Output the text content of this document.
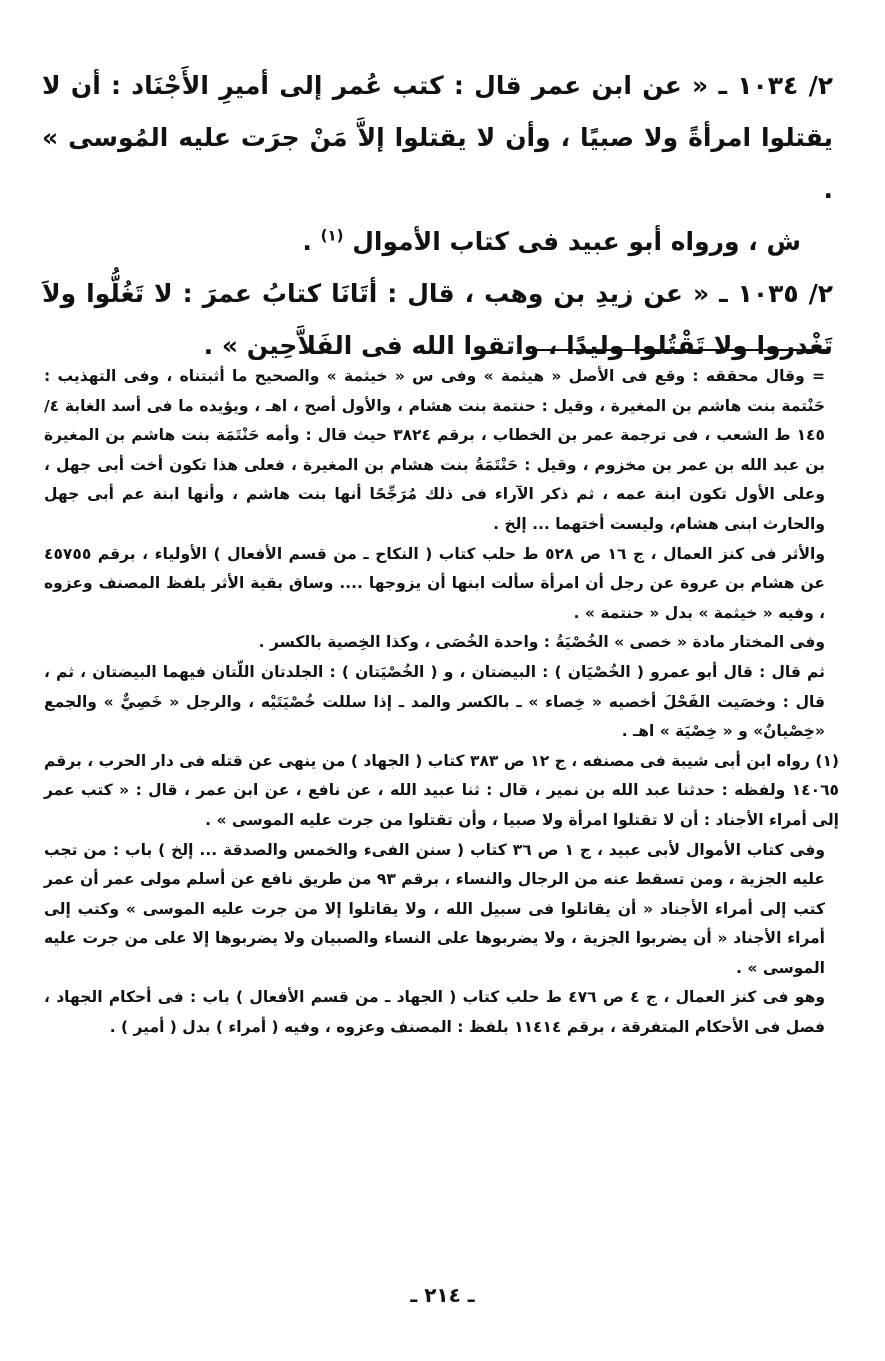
٢/ ١٠٣٤ ـ « عن ابن عمر قال : كتب عُمر إلى أميرِ الأَجْنَاد : أن لا يقتلوا امرأةً ولا صبيًا ، وأن لا يقتلوا إلاَّ مَنْ جرَت عليه المُوسى » .

ش ، ورواه أبو عبيد فى كتاب الأموال $^{(١)}$ .

٢/ ١٠٣٥ ـ « عن زيدِ بن وهب ، قال : أتَانَا كتابُ عمرَ : لا تَغُلُّوا ولاَ تَغْدروا ولا تَقْتُلوا وليدًا ، واتقوا الله فى الفَلاَّحِين » .

= وقال محققه : وقع فى الأصل « هيثمة » وفى س « خيثمة » والصحيح ما أثبتناه ، وفى التهذيب : حَنْتمة بنت هاشم بن المغيرة ، وقيل : حنتمة بنت هشام ، والأول أصح ، اهـ ، ويؤيده ما فى أسد الغابة ٤/ ١٤٥ ط الشعب ، فى ترجمة عمر بن الخطاب ، برقم ٣٨٢٤ حيث قال : وأمه حَنْتَمَة بنت هاشم بن المغيرة بن عبد الله بن عمر بن مخزوم ، وقيل : حَنْتَمَةُ بنت هشام بن المغيرة ، فعلى هذا تكون أخت أبى جهل ، وعلى الأول تكون ابنة عمه ، ثم ذكر الآراء فى ذلك مُرَجِّحًا أنها بنت هاشم ، وأنها ابنة عم أبى جهل والحارث ابنى هشام، وليست أختهما ... إلخ .

والأثر فى كنز العمال ، ج ١٦ ص ٥٢٨ ط حلب كتاب ( النكاح ـ من قسم الأفعال ) الأولياء ، برقم ٤٥٧٥٥ عن هشام بن عروة عن رجل أن امرأة سألت ابنها أن يزوجها .... وساق بقية الأثر بلفظ المصنف وعزوه ، وفيه « خيثمة » بدل « حنتمة » .

وفى المختار مادة « خصى » الخُصْيَةُ : واحدة الخُصَى ، وكذا الخِصية بالكسر .

ثم قال : قال أبو عمرو ( الخُصْيَان ) : البيضتان ، و ( الخُصْيَتان ) : الجلدتان اللّتان فيهما البيضتان ، ثم ، قال : وخصَيت الفَحْلَ أخصيه « خِصاء » ـ بالكسر والمد ـ إذا سللت خُصْيَتَيْه ، والرجل « خَصِيٌّ » والجمع «خِصْيانٌ» و « خِصْيَة » اهـ .

(١) رواه ابن أبى شيبة فى مصنفه ، ج ١٢ ص ٣٨٣ كتاب ( الجهاد ) من ينهى عن قتله فى دار الحرب ، برقم ١٤٠٦٥ ولفظه : حدثنا عبد الله بن نمير ، قال : ثنا عبيد الله ، عن نافع ، عن ابن عمر ، قال : « كتب عمر إلى أمراء الأجناد : أن لا تقتلوا امرأة ولا صبيا ، وأن تقتلوا من جرت عليه الموسى » .

وفى كتاب الأموال لأبى عبيد ، ج ١ ص ٣٦ كتاب ( سنن الفىء والخمس والصدقة ... إلخ ) باب : من تجب عليه الجزية ، ومن تسقط عنه من الرجال والنساء ، برقم ٩٣ من طريق نافع عن أسلم مولى عمر أن عمر كتب إلى أمراء الأجناد « أن يقاتلوا فى سبيل الله ، ولا يقاتلوا إلا من جرت عليه الموسى » وكتب إلى أمراء الأجناد « أن يضربوا الجزية ، ولا يضربوها على النساء والصبيان ولا يضربوها إلا على من جرت عليه الموسى » .

وهو فى كنز العمال ، ج ٤ ص ٤٧٦ ط حلب كتاب ( الجهاد ـ من قسم الأفعال ) باب : فى أحكام الجهاد ، فصل فى الأحكام المتفرقة ، برقم ١١٤١٤ بلفظ : المصنف وعزوه ، وفيه ( أمراء ) بدل ( أمير ) .

ـ ٢١٤ ـ
